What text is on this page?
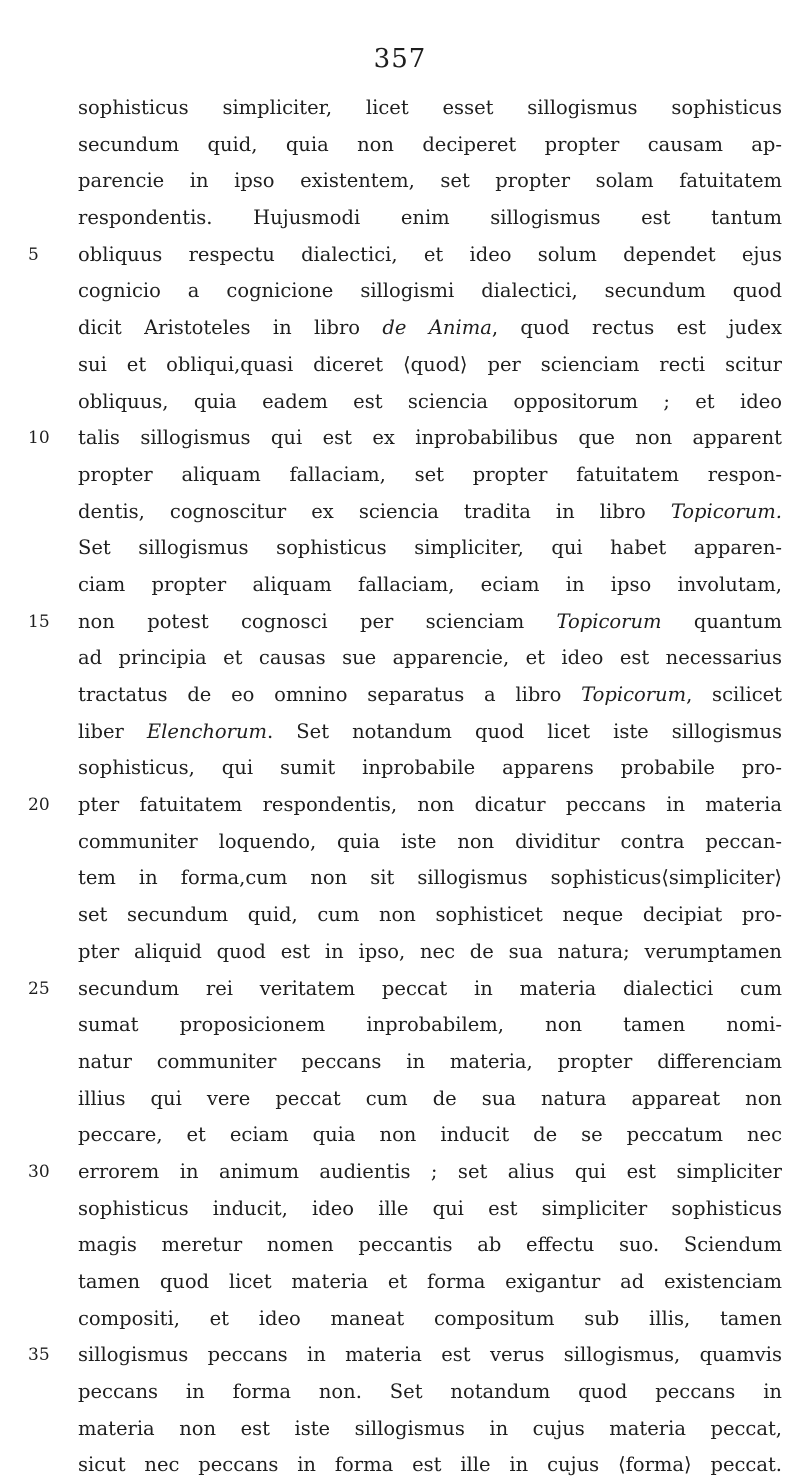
357
sophisticus simpliciter, licet esset sillogismus sophisticus
secundum quid, quia non deciperet propter causam ap-
parencie in ipso existentem, set propter solam fatuitatem
respondentis. Hujusmodi enim sillogismus est tantum
5	obliquus respectu dialectici, et ideo solum dependet ejus
cognicio a cognicione sillogismi dialectici, secundum quod
dicit Aristoteles in libro de Anima, quod rectus est judex
sui et obliqui,quasi diceret ⟨quod⟩ per scienciam recti scitur
obliquus, quia eadem est sciencia oppositorum ; et ideo
10	talis sillogismus qui est ex inprobabilibus que non apparent
propter aliquam fallaciam, set propter fatuitatem respon-
dentis, cognoscitur ex sciencia tradita in libro Topicorum.
Set sillogismus sophisticus simpliciter, qui habet apparen-
ciam propter aliquam fallaciam, eciam in ipso involutam,
15	non potest cognosci per scienciam Topicorum quantum
ad principia et causas sue apparencie, et ideo est necessarius
tractatus de eo omnino separatus a libro Topicorum, scilicet
liber Elenchorum. Set notandum quod licet iste sillogismus
sophisticus, qui sumit inprobabile apparens probabile pro-
20	pter fatuitatem respondentis, non dicatur peccans in materia
communiter loquendo, quia iste non dividitur contra peccan-
tem in forma,cum non sit sillogismus sophisticus⟨simpliciter⟩
set secundum quid, cum non sophisticet neque decipiat pro-
pter aliquid quod est in ipso, nec de sua natura; verumptamen
25	secundum rei veritatem peccat in materia dialectici cum
sumat proposicionem inprobabilem, non tamen nomi-
natur communiter peccans in materia, propter differenciam
illius qui vere peccat cum de sua natura appareat non
peccare, et eciam quia non inducit de se peccatum nec
30	errorem in animum audientis ; set alius qui est simpliciter
sophisticus inducit, ideo ille qui est simpliciter sophisticus
magis meretur nomen peccantis ab effectu suo. Sciendum
tamen quod licet materia et forma exigantur ad existenciam
compositi, et ideo maneat compositum sub illis, tamen
35	sillogismus peccans in materia est verus sillogismus, quamvis
peccans in forma non. Set notandum quod peccans in
materia non est iste sillogismus in cujus materia peccat,
sicut nec peccans in forma est ille in cujus ⟨forma⟩ peccat.
